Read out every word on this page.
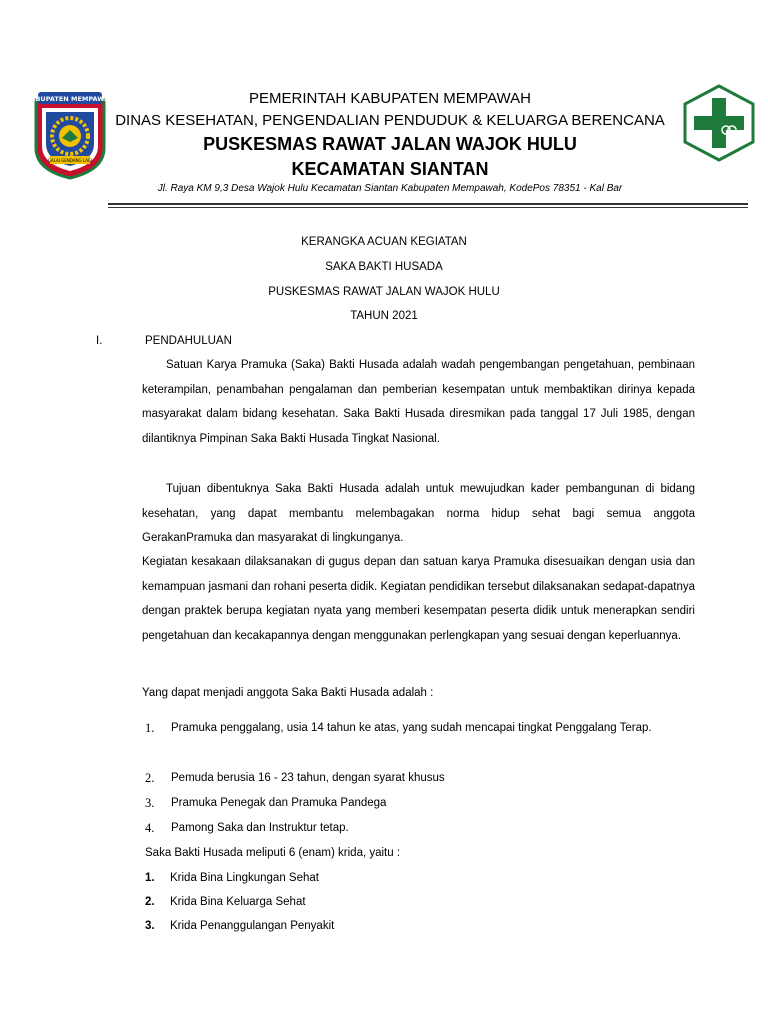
KABUPATEN MEMPAWAH
GALAI GENDANG LAGI
PEMERINTAH KABUPATEN MEMPAWAH
DINAS KESEHATAN, PENGENDALIAN PENDUDUK & KELUARGA BERENCANA
PUSKESMAS RAWAT JALAN WAJOK HULU
KECAMATAN SIANTAN
Jl. Raya KM 9,3 Desa Wajok Hulu Kecamatan Siantan Kabupaten Mempawah, KodePos 78351 - Kal Bar
KERANGKA ACUAN KEGIATAN
SAKA BAKTI HUSADA
PUSKESMAS RAWAT JALAN WAJOK HULU
TAHUN 2021
I.	PENDAHULUAN

Satuan Karya Pramuka (Saka) Bakti Husada adalah wadah pengembangan pengetahuan, pembinaan keterampilan, penambahan pengalaman dan pemberian kesempatan untuk membaktikan dirinya kepada masyarakat dalam bidang kesehatan. Saka Bakti Husada diresmikan pada tanggal 17 Juli 1985, dengan dilantiknya Pimpinan Saka Bakti Husada Tingkat Nasional.

Tujuan dibentuknya Saka Bakti Husada adalah untuk mewujudkan kader pembangunan di bidang kesehatan, yang dapat membantu melembagakan norma hidup sehat bagi semua anggota GerakanPramuka dan masyarakat di lingkunganya.

Kegiatan kesakaan dilaksanakan di gugus depan dan satuan karya Pramuka disesuaikan dengan usia dan kemampuan jasmani dan rohani peserta didik. Kegiatan pendidikan tersebut dilaksanakan sedapat-dapatnya dengan praktek berupa kegiatan nyata yang memberi kesempatan peserta didik untuk menerapkan sendiri pengetahuan dan kecakapannya dengan menggunakan perlengkapan yang sesuai dengan keperluannya.

Yang dapat menjadi anggota Saka Bakti Husada adalah :
1. Pramuka penggalang, usia 14 tahun ke atas, yang sudah mencapai tingkat Penggalang Terap.
2. Pemuda berusia 16 - 23 tahun, dengan syarat khusus
3. Pramuka Penegak dan Pramuka Pandega
4. Pamong Saka dan Instruktur tetap.
Saka Bakti Husada meliputi 6 (enam) krida, yaitu :
1. Krida Bina Lingkungan Sehat
2. Krida Bina Keluarga Sehat
3. Krida Penanggulangan Penyakit
